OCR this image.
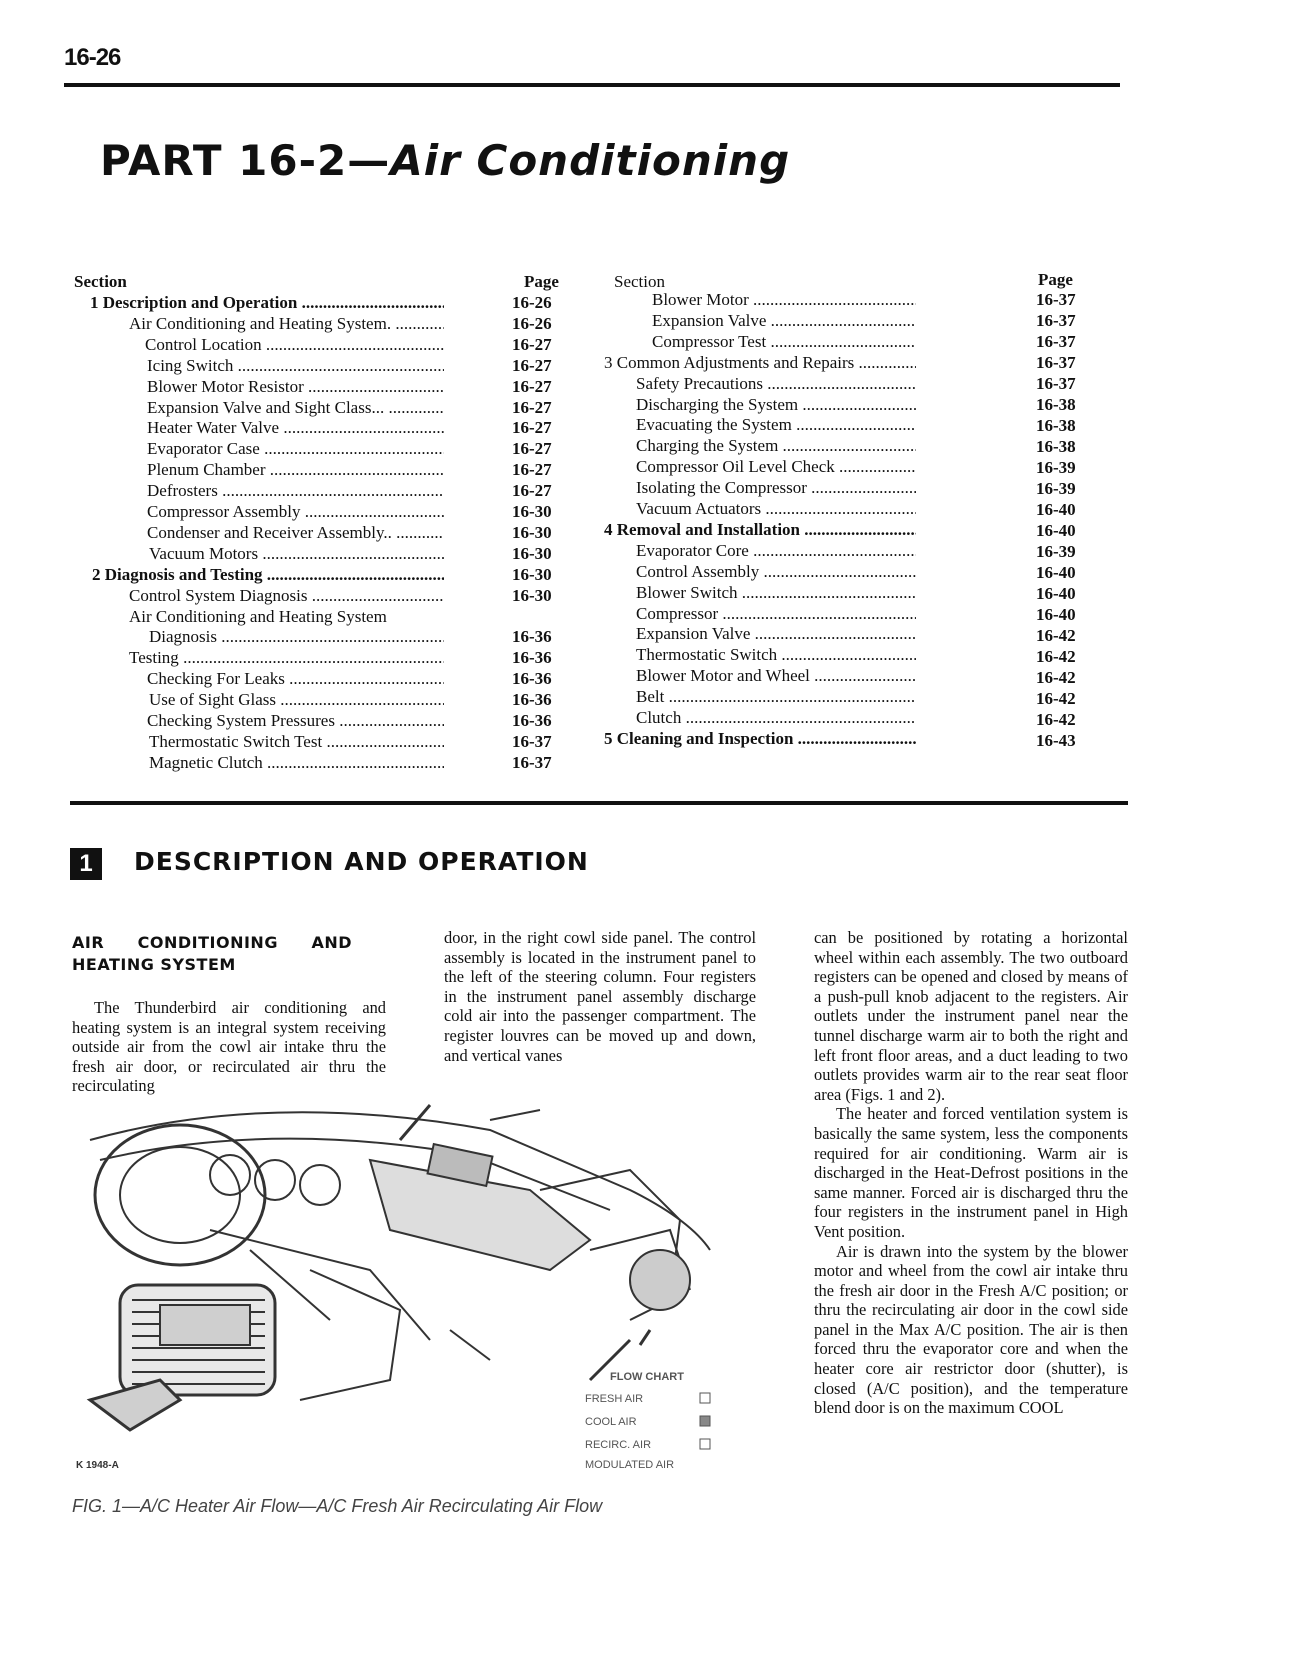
16-26
PART 16-2—Air Conditioning
Section	Page	Section	Page
1 Description and Operation .....	16-26
Air Conditioning and Heating System. .....	16-26
Control Location .....	16-27
Icing Switch .....	16-27
Blower Motor Resistor .....	16-27
Expansion Valve and Sight Class... .....	16-27
Heater Water Valve .....	16-27
Evaporator Case .....	16-27
Plenum Chamber .....	16-27
Defrosters .....	16-27
Compressor Assembly .....	16-30
Condenser and Receiver Assembly.. .....	16-30
Vacuum Motors .....	16-30
2 Diagnosis and Testing .....	16-30
Control System Diagnosis .....	16-30
Air Conditioning and Heating System
Diagnosis .....	16-36
Testing .....	16-36
Checking For Leaks .....	16-36
Use of Sight Glass .....	16-36
Checking System Pressures .....	16-36
Thermostatic Switch Test .....	16-37
Magnetic Clutch .....	16-37
Blower Motor .....	16-37
Expansion Valve .....	16-37
Compressor Test .....	16-37
3 Common Adjustments and Repairs .....	16-37
Safety Precautions .....	16-37
Discharging the System .....	16-38
Evacuating the System .....	16-38
Charging the System .....	16-38
Compressor Oil Level Check .....	16-39
Isolating the Compressor .....	16-39
Vacuum Actuators .....	16-40
4 Removal and Installation .....	16-40
Evaporator Core .....	16-39
Control Assembly .....	16-40
Blower Switch .....	16-40
Compressor .....	16-40
Expansion Valve .....	16-42
Thermostatic Switch .....	16-42
Blower Motor and Wheel .....	16-42
Belt .....	16-42
Clutch .....	16-42
5 Cleaning and Inspection .....	16-43
1	DESCRIPTION AND OPERATION
AIR CONDITIONING AND HEATING SYSTEM

The Thunderbird air conditioning and heating system is an integral system receiving outside air from the cowl air intake thru the fresh air door, or recirculated air thru the recirculating

door, in the right cowl side panel. The control assembly is located in the instrument panel to the left of the steering column. Four registers in the instrument panel assembly discharge cold air into the passenger compartment. The register louvres can be moved up and down, and vertical vanes

can be positioned by rotating a horizontal wheel within each assembly. The two outboard registers can be opened and closed by means of a push-pull knob adjacent to the registers. Air outlets under the instrument panel near the tunnel discharge warm air to both the right and left front floor areas, and a duct leading to two outlets provides warm air to the rear seat floor area (Figs. 1 and 2).

The heater and forced ventilation system is basically the same system, less the components required for air conditioning. Warm air is discharged in the Heat-Defrost positions in the same manner. Forced air is discharged thru the four registers in the instrument panel in High Vent position.

Air is drawn into the system by the blower motor and wheel from the cowl air intake thru the fresh air door in the Fresh A/C position; or thru the recirculating air door in the cowl side panel in the Max A/C position. The air is then forced thru the evaporator core and when the heater core air restrictor door (shutter), is closed (A/C position), and the temperature blend door is on the maximum COOL

FLOW CHART
FRESH AIR
COOL AIR
RECIRC. AIR
MODULATED AIR
K 1948-A
FIG. 1—A/C Heater Air Flow—A/C Fresh Air Recirculating Air Flow
